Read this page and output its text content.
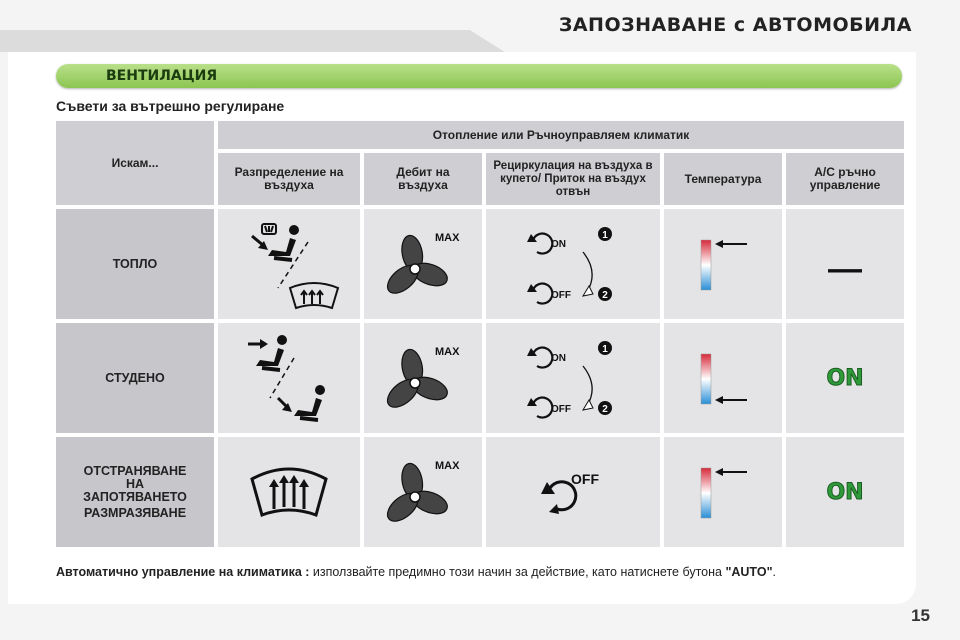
ЗАПОЗНАВАНЕ с АВТОМОБИЛА
ВЕНТИЛАЦИЯ
Съвети за вътрешно регулиране
Искам...
Отопление или Ръчноуправляем климатик
Разпределение на въздуха
Дебит на въздуха
Рециркулация на въздуха в купето/ Приток на въздух отвън
Температура	A/C ръчно управление
ТОПЛО
MAX
ON
OFF
1
2
—
СТУДЕНО
MAX
ON
OFF
1
2
ON
ОТСТРАНЯВАНЕ
НА
ЗАПОТЯВАНЕТО
РАЗМРАЗЯВАНЕ
MAX
OFF
ON
Автоматично управление на климатика : използвайте предимно този начин за действие, като натиснете бутона "AUTO".
15
